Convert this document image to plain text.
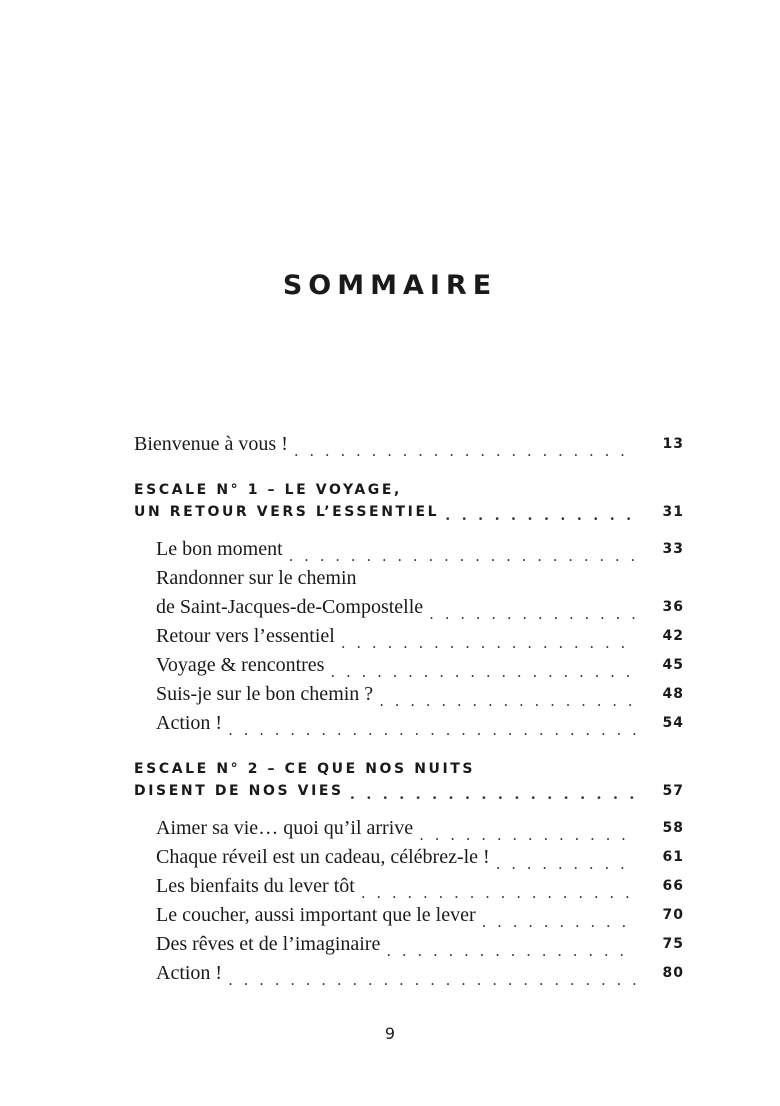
SOMMAIRE
Bienvenue à vous ! . . .	13
ESCALE N° 1 – LE VOYAGE,
UN RETOUR VERS L’ESSENTIEL . . .	31
Le bon moment . . .	33
Randonner sur le chemin
de Saint-Jacques-de-Compostelle . . .	36
Retour vers l’essentiel . . .	42
Voyage & rencontres . . .	45
Suis-je sur le bon chemin ? . . .	48
Action ! . . .	54
ESCALE N° 2 – CE QUE NOS NUITS
DISENT DE NOS VIES . . .	57
Aimer sa vie… quoi qu’il arrive . . .	58
Chaque réveil est un cadeau, célébrez-le ! . . .	61
Les bienfaits du lever tôt . . .	66
Le coucher, aussi important que le lever . . .	70
Des rêves et de l’imaginaire . . .	75
Action ! . . .	80
9
